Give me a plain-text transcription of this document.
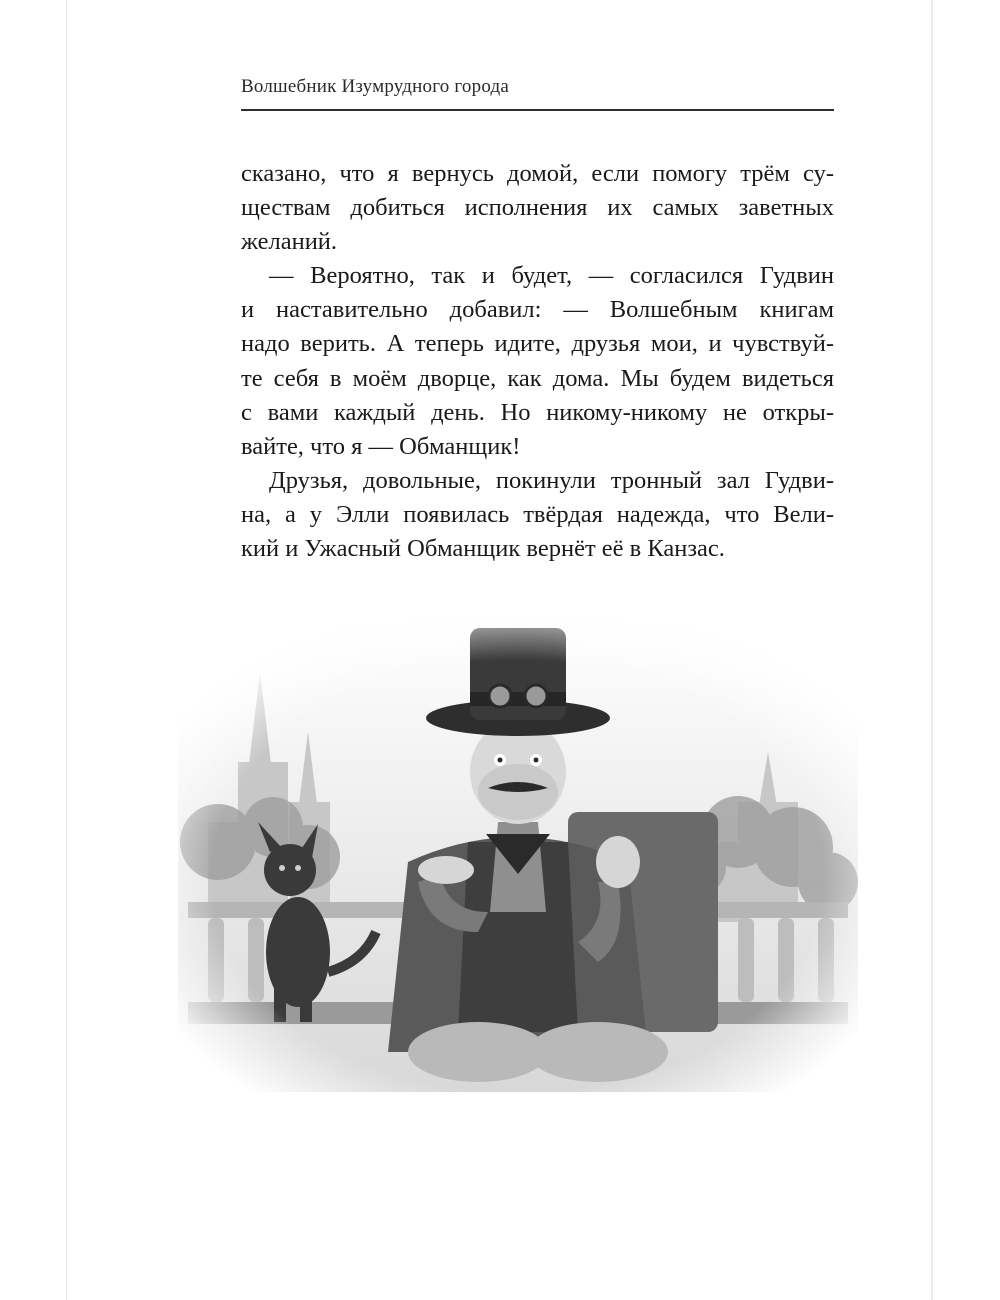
Волшебник Изумрудного города
сказано, что я вернусь домой, если помогу трём су-
ществам добиться исполнения их самых заветных
желаний.
— Вероятно, так и будет, — согласился Гудвин
и наставительно добавил: — Волшебным книгам
надо верить. А теперь идите, друзья мои, и чувствуй-
те себя в моём дворце, как дома. Мы будем видеться
с вами каждый день. Но никому-никому не откры-
вайте, что я — Обманщик!
Друзья, довольные, покинули тронный зал Гудви-
на, а у Элли появилась твёрдая надежда, что Вели-
кий и Ужасный Обманщик вернёт её в Канзас.
